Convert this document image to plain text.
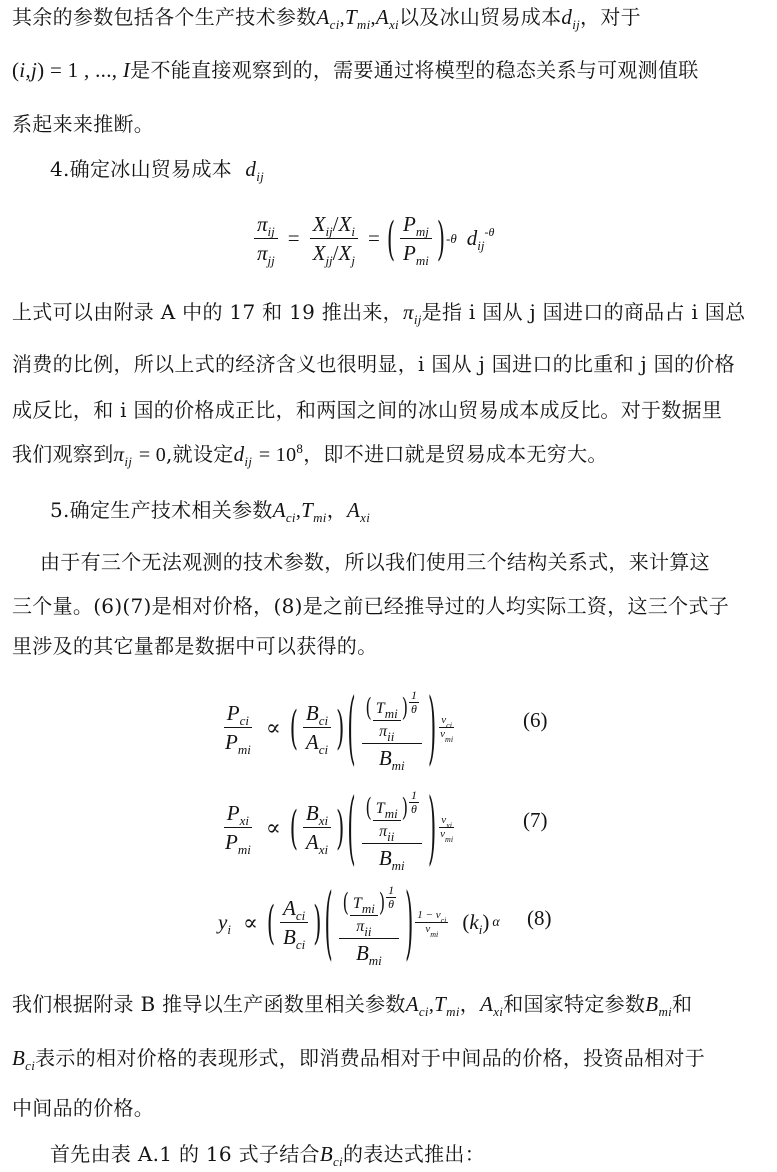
其余的参数包括各个生产技术参数$A_{ci},T_{mi},A_{xi}$以及冰山贸易成本$d_{ij}$，对于
(i,j) = 1 , ..., I是不能直接观察到的，需要通过将模型的稳态关系与可观测值联
系起来来推断。
4.确定冰山贸易成本 $d_{ij}$
$\frac{\pi_{ij}}{\pi_{jj}} = \frac{X_{ij}/X_i}{X_{jj}/X_j}$ = ( $\frac{P_{mj}}{P_{mi}}$ ) -θ $d_{ij}^{-\theta}$
上式可以由附录 A 中的 17 和 19 推出来，$\pi_{ij}$是指 i 国从 j 国进口的商品占 i 国总
消费的比例，所以上式的经济含义也很明显，i 国从 j 国进口的比重和 j 国的价格
成反比，和 i 国的价格成正比，和两国之间的冰山贸易成本成反比。对于数据里
我们观察到$\pi_{ij} = 0$,就设定$d_{ij} = 10^8$，即不进口就是贸易成本无穷大。
5.确定生产技术相关参数$A_{ci},T_{mi}$，$A_{xi}$
由于有三个无法观测的技术参数，所以我们使用三个结构关系式，来计算这
三个量。(6)(7)是相对价格，(8)是之前已经推导过的人均实际工资，这三个式子
里涉及的其它量都是数据中可以获得的。
$\frac{P_{ci}}{P_{mi}}$ ∝ ( $\frac{B_{ci}}{A_{ci}}$ ) ( ( $\frac{T_{mi}}{\pi_{ii}}$ ) $^{\frac{1}{\theta}}$
$B_{mi}$ ) $\frac{\nu_{ci}}{\nu_{mi}}$	(6)
$\frac{P_{xi}}{P_{mi}}$ ∝ ( $\frac{B_{xi}}{A_{xi}}$ ) ( ( $\frac{T_{mi}}{\pi_{ii}}$ ) $^{\frac{1}{\theta}}$
$B_{mi}$ ) $\frac{\nu_{xi}}{\nu_{mi}}$	(7)
$y_i$ ∝ ( $\frac{A_{ci}}{B_{ci}}$ ) ( ( $\frac{T_{mi}}{\pi_{ii}}$ ) $^{\frac{1}{\theta}}$
$B_{mi}$ ) $\frac{1 - \nu_{ci}}{\nu_{mi}} (k_i)$ α (8)
我们根据附录 B 推导以生产函数里相关参数$A_{ci},T_{mi}$，$A_{xi}$和国家特定参数$B_{mi}$和
$B_{ci}$表示的相对价格的表现形式，即消费品相对于中间品的价格，投资品相对于
中间品的价格。
首先由表 A.1 的 16 式子结合$B_{ci}$的表达式推出：
